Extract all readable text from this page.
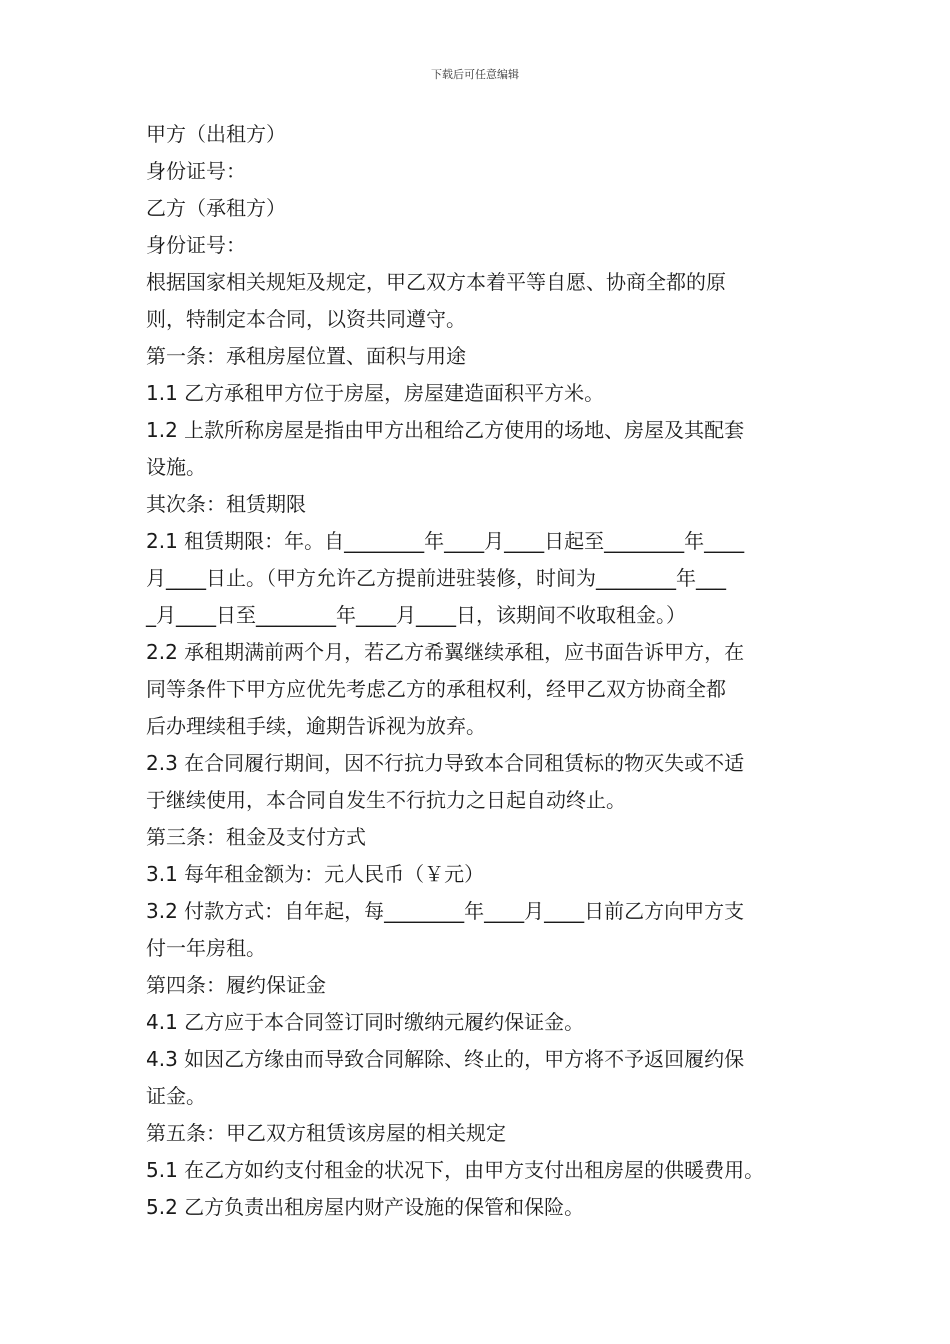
下载后可任意编辑
甲方（出租方）
身份证号：
乙方（承租方）
身份证号：
根据国家相关规矩及规定，甲乙双方本着平等自愿、协商全都的原
则，特制定本合同，以资共同遵守。
第一条：承租房屋位置、面积与用途
1.1 乙方承租甲方位于房屋，房屋建造面积平方米。
1.2 上款所称房屋是指由甲方出租给乙方使用的场地、房屋及其配套
设施。
其次条：租赁期限
2.1 租赁期限：年。自________年____月____日起至________年____
月____日止。（甲方允许乙方提前进驻装修，时间为________年___
_月____日至________年____月____日，该期间不收取租金。）
2.2 承租期满前两个月，若乙方希翼继续承租，应书面告诉甲方，在
同等条件下甲方应优先考虑乙方的承租权利，经甲乙双方协商全都
后办理续租手续，逾期告诉视为放弃。
2.3 在合同履行期间，因不行抗力导致本合同租赁标的物灭失或不适
于继续使用，本合同自发生不行抗力之日起自动终止。
第三条：租金及支付方式
3.1 每年租金额为：元人民币（￥元）
3.2 付款方式：自年起，每________年____月____日前乙方向甲方支
付一年房租。
第四条：履约保证金
4.1 乙方应于本合同签订同时缴纳元履约保证金。
4.3 如因乙方缘由而导致合同解除、终止的，甲方将不予返回履约保
证金。
第五条：甲乙双方租赁该房屋的相关规定
5.1 在乙方如约支付租金的状况下，由甲方支付出租房屋的供暖费用。
5.2 乙方负责出租房屋内财产设施的保管和保险。
